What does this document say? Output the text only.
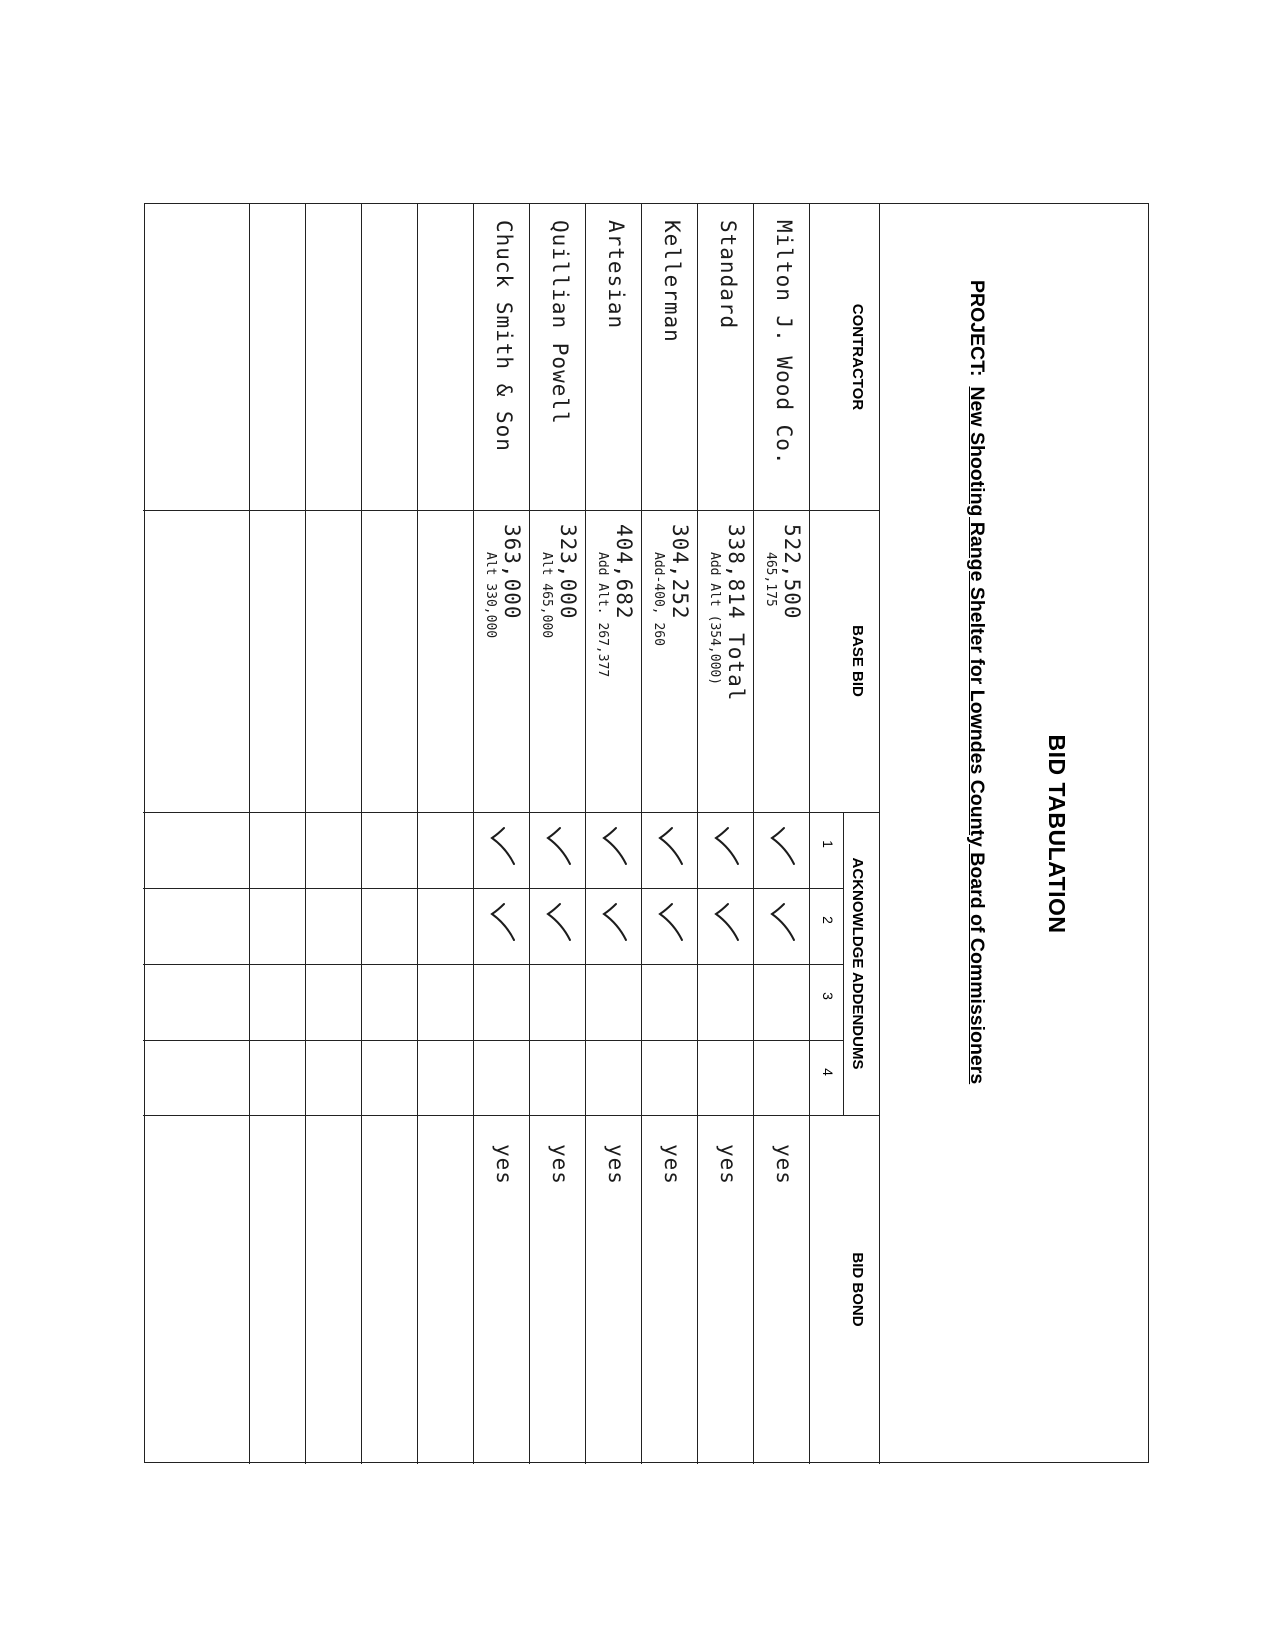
BID TABULATION
PROJECT:New Shooting Range Shelter for Lowndes County Board of Commissioners
CONTRACTOR
BASE BID
ACKNOWLDGE ADDENDUMS
BID BOND
1
2
3
4
Milton J. Wood Co.
522,500
465,175
yes
Standard
338,814 Total
Add Alt (354,000)
yes
Kellerman
304,252
Add-400, 260
yes
Artesian
404,682
Add Alt. 267,377
yes
Quillian Powell
323,000
Alt 465,000
yes
Chuck Smith & Son
363,000
Alt 330,000
yes
